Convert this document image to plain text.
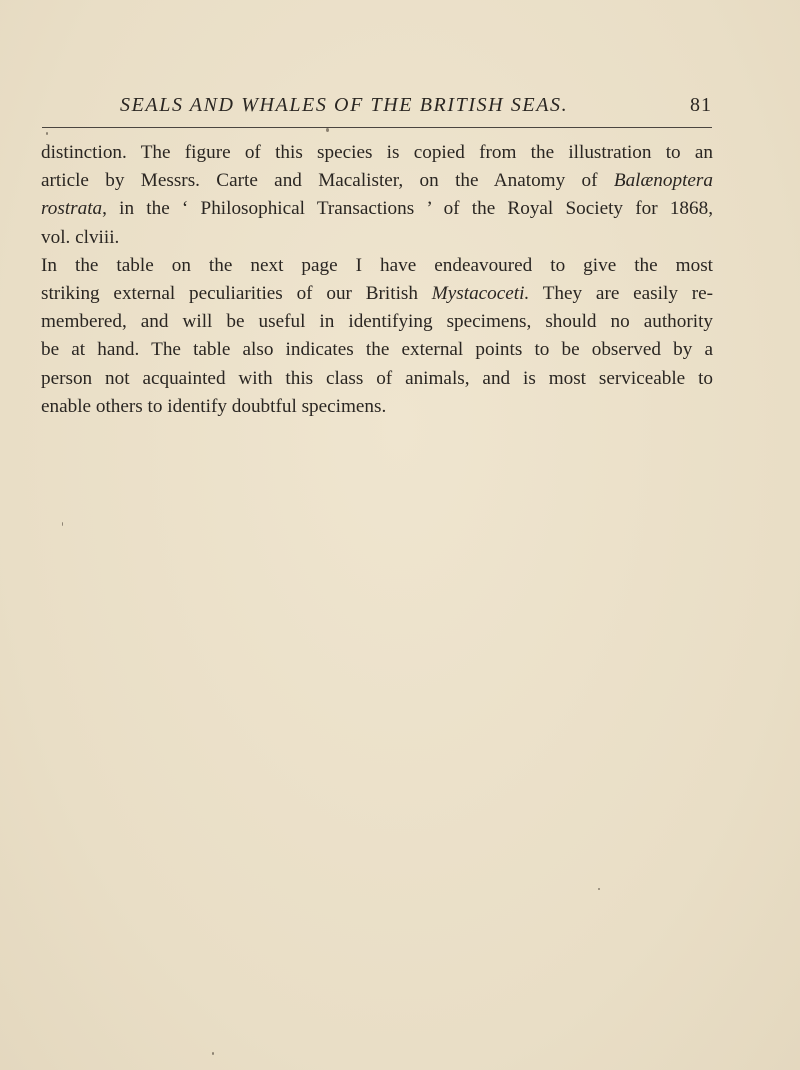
SEALS AND WHALES OF THE BRITISH SEAS.	81

distinction. The figure of this species is copied from the illustration to an
article by Messrs. Carte and Macalister, on the Anatomy of Balænoptera
rostrata, in the ‘ Philosophical Transactions ’ of the Royal Society for 1868,
vol. clviii.

In the table on the next page I have endeavoured to give the most
striking external peculiarities of our British Mystacoceti. They are easily re-
membered, and will be useful in identifying specimens, should no authority
be at hand. The table also indicates the external points to be observed by a
person not acquainted with this class of animals, and is most serviceable to
enable others to identify doubtful specimens.
